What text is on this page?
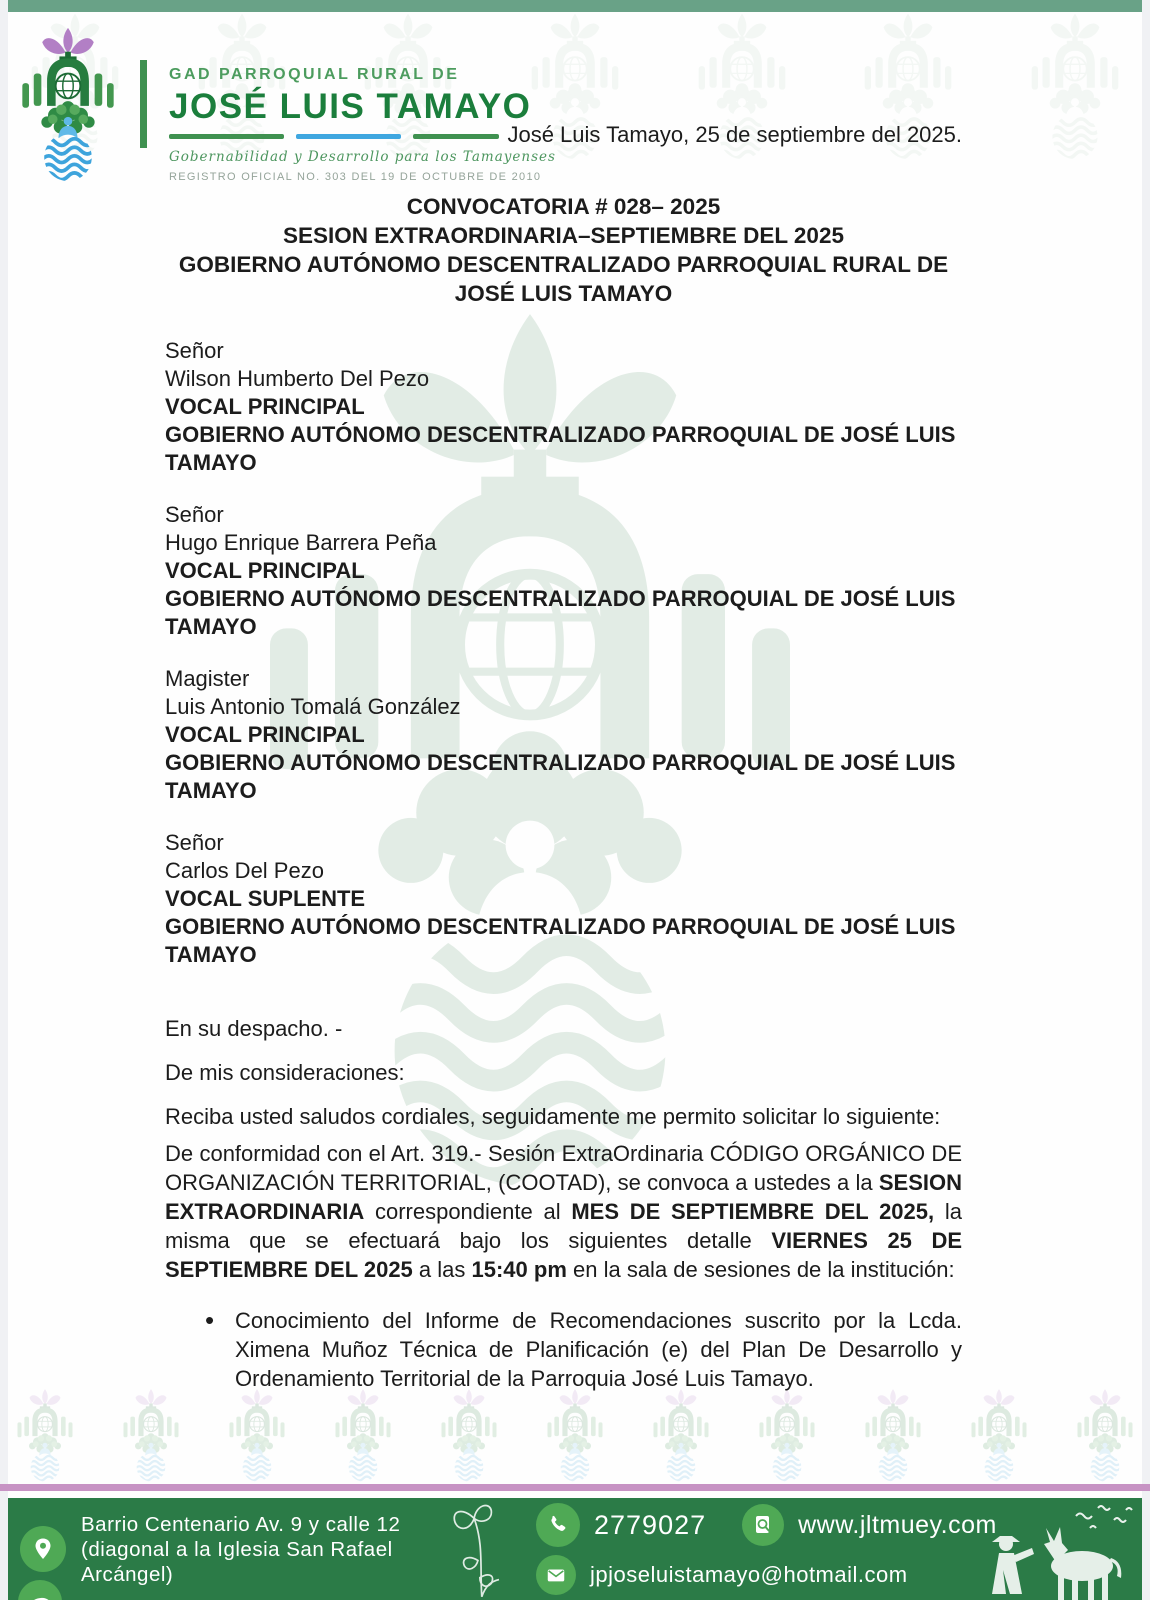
GAD PARROQUIAL RURAL DE
JOSÉ LUIS TAMAYO
Gobernabilidad y Desarrollo para los Tamayenses
REGISTRO OFICIAL NO. 303 DEL 19 DE OCTUBRE DE 2010
José Luis Tamayo, 25 de septiembre del 2025.
CONVOCATORIA # 028– 2025
SESION EXTRAORDINARIA–SEPTIEMBRE DEL 2025
GOBIERNO AUTÓNOMO DESCENTRALIZADO PARROQUIAL RURAL DE JOSÉ LUIS TAMAYO
Señor
Wilson Humberto Del Pezo
VOCAL PRINCIPAL
GOBIERNO AUTÓNOMO DESCENTRALIZADO PARROQUIAL DE JOSÉ LUIS TAMAYO
Señor
Hugo Enrique Barrera Peña
VOCAL PRINCIPAL
GOBIERNO AUTÓNOMO DESCENTRALIZADO PARROQUIAL DE JOSÉ LUIS TAMAYO
Magister
Luis Antonio Tomalá González
VOCAL PRINCIPAL
GOBIERNO AUTÓNOMO DESCENTRALIZADO PARROQUIAL DE JOSÉ LUIS TAMAYO
Señor
Carlos Del Pezo
VOCAL SUPLENTE
GOBIERNO AUTÓNOMO DESCENTRALIZADO PARROQUIAL DE JOSÉ LUIS TAMAYO
En su despacho. -
De mis consideraciones:
Reciba usted saludos cordiales, seguidamente me permito solicitar lo siguiente:

De conformidad con el Art. 319.- Sesión ExtraOrdinaria CÓDIGO ORGÁNICO DE ORGANIZACIÓN TERRITORIAL, (COOTAD), se convoca a ustedes a la SESION EXTRAORDINARIA correspondiente al MES DE SEPTIEMBRE DEL 2025, la misma que se efectuará bajo los siguientes detalle VIERNES 25 DE SEPTIEMBRE DEL 2025 a las 15:40 pm en la sala de sesiones de la institución:

• Conocimiento del Informe de Recomendaciones suscrito por la Lcda. Ximena Muñoz Técnica de Planificación (e) del Plan De Desarrollo y Ordenamiento Territorial de la Parroquia José Luis Tamayo.
Barrio Centenario Av. 9 y calle 12 (diagonal a la Iglesia San Rafael Arcángel)
2779027	www.jltmuey.com
jpjoseluistamayo@hotmail.com
